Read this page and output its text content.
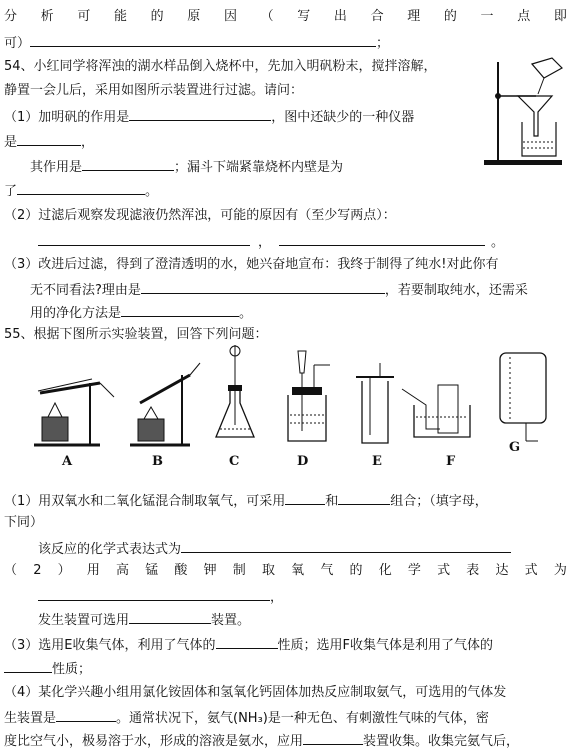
分 析 可 能 的 原 因 （ 写 出 合 理 的 一 点 即
可）	；
54、小红同学将浑浊的湖水样品倒入烧杯中，先加入明矾粉末，搅拌溶解，
静置一会儿后，采用如图所示装置进行过滤。请问：
（1）加明矾的作用是	，图中还缺少的一种仪器
是	，
其作用是	；漏斗下端紧靠烧杯内壁是为
了	。
（2）过滤后观察发现滤液仍然浑浊，可能的原因有（至少写两点）：
，	。
（3）改进后过滤，得到了澄清透明的水，她兴奋地宣布：我终于制得了纯水!对此你有
无不同看法?理由是	，若要制取纯水，还需采
用的净化方法是	。
55、根据下图所示实验装置，回答下列问题：
A	B	C	D	E	F
G
（1）用双氧水和二氧化锰混合制取氧气，可采用	和	组合；（填字母，
下同）
该反应的化学式表达式为
（ 2 ） 用 高 锰 酸 钾 制 取 氧 气 的 化 学 式 表 达 式 为
，
发生装置可选用	装置。
（3）选用E收集气体，利用了气体的	性质；选用F收集气体是利用了气体的
性质；
（4）某化学兴趣小组用氯化铵固体和氢氧化钙固体加热反应制取氨气，可选用的气体发
生装置是	。通常状况下，氨气(NH₃)是一种无色、有刺激性气味的气体，密
度比空气小，极易溶于水，形成的溶液是氨水，应用	装置收集。收集完氨气后，
